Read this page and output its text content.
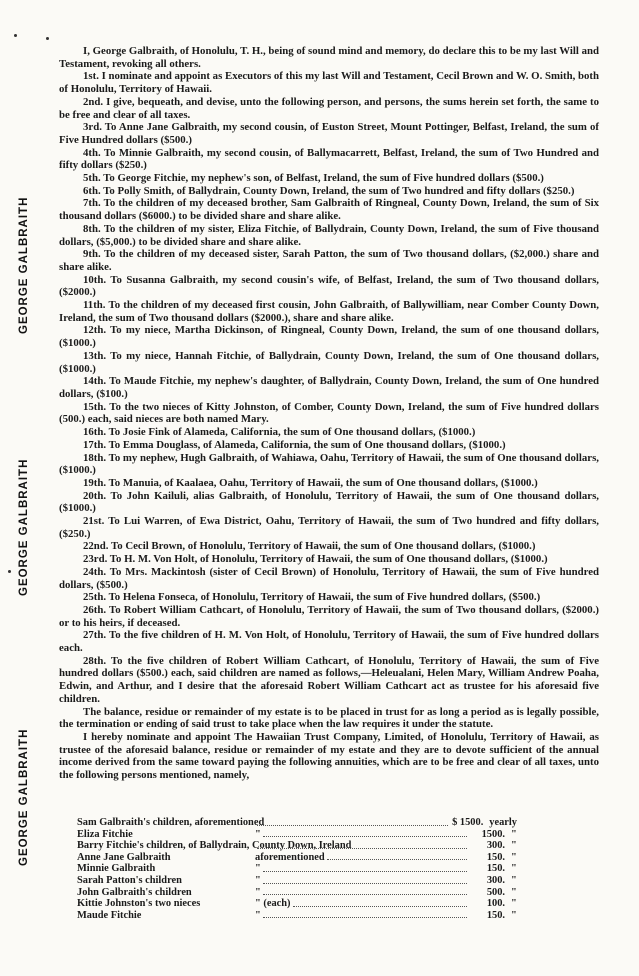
GEORGE GALBRAITH
GEORGE GALBRAITH
GEORGE GALBRAITH

I, George Galbraith, of Honolulu, T. H., being of sound mind and memory, do declare this to be my last Will and Testament, revoking all others.

1st. I nominate and appoint as Executors of this my last Will and Testament, Cecil Brown and W. O. Smith, both of Honolulu, Territory of Hawaii.

2nd. I give, bequeath, and devise, unto the following person, and persons, the sums herein set forth, the same to be free and clear of all taxes.

3rd. To Anne Jane Galbraith, my second cousin, of Euston Street, Mount Pottinger, Belfast, Ireland, the sum of Five Hundred dollars ($500.)

4th. To Minnie Galbraith, my second cousin, of Ballymacarrett, Belfast, Ireland, the sum of Two Hundred and fifty dollars ($250.)

5th. To George Fitchie, my nephew's son, of Belfast, Ireland, the sum of Five hundred dollars ($500.)

6th. To Polly Smith, of Ballydrain, County Down, Ireland, the sum of Two hundred and fifty dollars ($250.)

7th. To the children of my deceased brother, Sam Galbraith of Ringneal, County Down, Ireland, the sum of Six thousand dollars ($6000.) to be divided share and share alike.

8th. To the children of my sister, Eliza Fitchie, of Ballydrain, County Down, Ireland, the sum of Five thousand dollars, ($5,000.) to be divided share and share alike.

9th. To the children of my deceased sister, Sarah Patton, the sum of Two thousand dollars, ($2,000.) share and share alike.

10th. To Susanna Galbraith, my second cousin's wife, of Belfast, Ireland, the sum of Two thousand dollars, ($2000.)

11th. To the children of my deceased first cousin, John Galbraith, of Ballywilliam, near Comber County Down, Ireland, the sum of Two thousand dollars ($2000.), share and share alike.

12th. To my niece, Martha Dickinson, of Ringneal, County Down, Ireland, the sum of one thousand dollars, ($1000.)

13th. To my niece, Hannah Fitchie, of Ballydrain, County Down, Ireland, the sum of One thousand dollars, ($1000.)

14th. To Maude Fitchie, my nephew's daughter, of Ballydrain, County Down, Ireland, the sum of One hundred dollars, ($100.)

15th. To the two nieces of Kitty Johnston, of Comber, County Down, Ireland, the sum of Five hundred dollars (500.) each, said nieces are both named Mary.

16th. To Josie Fink of Alameda, California, the sum of One thousand dollars, ($1000.)

17th. To Emma Douglass, of Alameda, California, the sum of One thousand dollars, ($1000.)

18th. To my nephew, Hugh Galbraith, of Wahiawa, Oahu, Territory of Hawaii, the sum of One thousand dollars, ($1000.)

19th. To Manuia, of Kaalaea, Oahu, Territory of Hawaii, the sum of One thousand dollars, ($1000.)

20th. To John Kailuli, alias Galbraith, of Honolulu, Territory of Hawaii, the sum of One thousand dollars, ($1000.)

21st. To Lui Warren, of Ewa District, Oahu, Territory of Hawaii, the sum of Two hundred and fifty dollars, ($250.)

22nd. To Cecil Brown, of Honolulu, Territory of Hawaii, the sum of One thousand dollars, ($1000.)

23rd. To H. M. Von Holt, of Honolulu, Territory of Hawaii, the sum of One thousand dollars, ($1000.)

24th. To Mrs. Mackintosh (sister of Cecil Brown) of Honolulu, Territory of Hawaii, the sum of Five hundred dollars, ($500.)

25th. To Helena Fonseca, of Honolulu, Territory of Hawaii, the sum of Five hundred dollars, ($500.)

26th. To Robert William Cathcart, of Honolulu, Territory of Hawaii, the sum of Two thousand dollars, ($2000.) or to his heirs, if deceased.

27th. To the five children of H. M. Von Holt, of Honolulu, Territory of Hawaii, the sum of Five hundred dollars each.

28th. To the five children of Robert William Cathcart, of Honolulu, Territory of Hawaii, the sum of Five hundred dollars ($500.) each, said children are named as follows,—Heleualani, Helen Mary, William Andrew Poaha, Edwin, and Arthur, and I desire that the aforesaid Robert William Cathcart act as trustee for his aforesaid five children.

The balance, residue or remainder of my estate is to be placed in trust for as long a period as is legally possible, the termination or ending of said trust to take place when the law requires it under the statute.

I hereby nominate and appoint The Hawaiian Trust Company, Limited, of Honolulu, Territory of Hawaii, as trustee of the aforesaid balance, residue or remainder of my estate and they are to devote sufficient of the annual income derived from the same toward paying the following annuities, which are to be free and clear of all taxes, unto the following persons mentioned, namely,

Sam Galbraith's children, aforementioned	$ 1500. yearly
Eliza Fitchie	"	1500. "
Barry Fitchie's children, of Ballydrain, County Down, Ireland	300. "
Anne Jane Galbraith	aforementioned	150. "
Minnie Galbraith	"	150. "
Sarah Patton's children	"	300. "
John Galbraith's children	"	500. "
Kittie Johnston's two nieces	" (each)	100. "
Maude Fitchie	"	150. "
